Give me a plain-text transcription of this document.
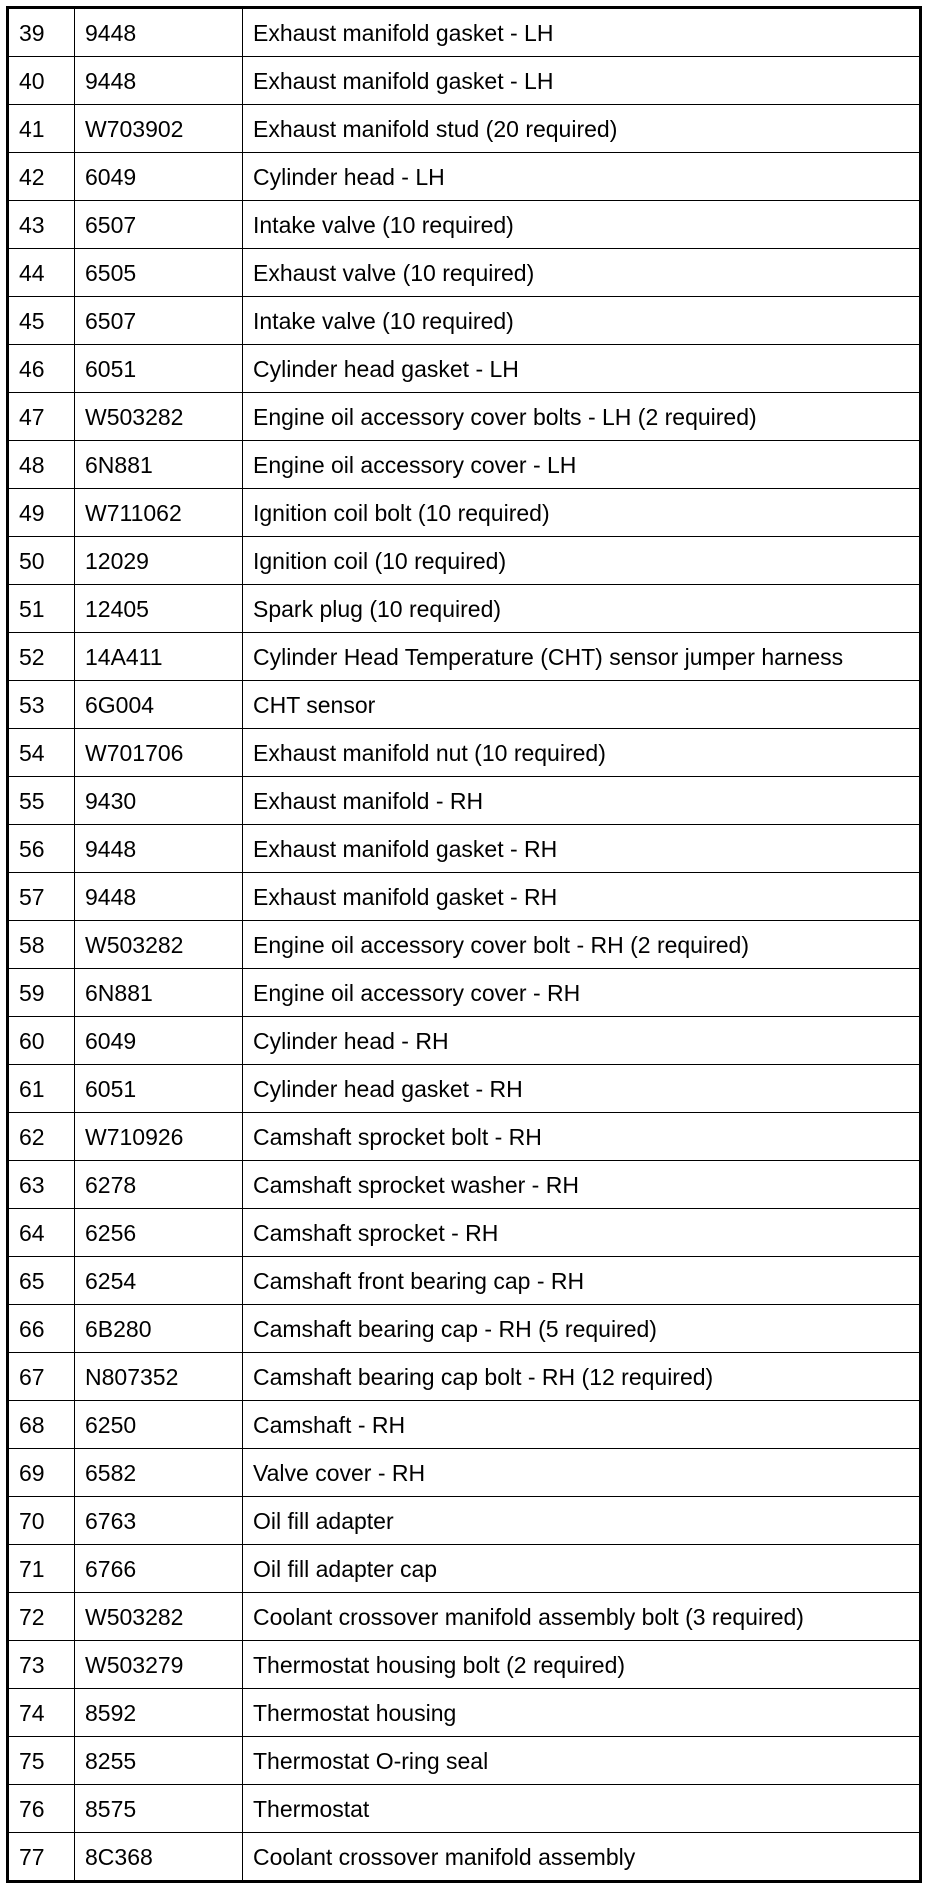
39	9448	Exhaust manifold gasket - LH
40	9448	Exhaust manifold gasket - LH
41	W703902	Exhaust manifold stud (20 required)
42	6049	Cylinder head - LH
43	6507	Intake valve (10 required)
44	6505	Exhaust valve (10 required)
45	6507	Intake valve (10 required)
46	6051	Cylinder head gasket - LH
47	W503282	Engine oil accessory cover bolts - LH (2 required)
48	6N881	Engine oil accessory cover - LH
49	W711062	Ignition coil bolt (10 required)
50	12029	Ignition coil (10 required)
51	12405	Spark plug (10 required)
52	14A411	Cylinder Head Temperature (CHT) sensor jumper harness
53	6G004	CHT sensor
54	W701706	Exhaust manifold nut (10 required)
55	9430	Exhaust manifold - RH
56	9448	Exhaust manifold gasket - RH
57	9448	Exhaust manifold gasket - RH
58	W503282	Engine oil accessory cover bolt - RH (2 required)
59	6N881	Engine oil accessory cover - RH
60	6049	Cylinder head - RH
61	6051	Cylinder head gasket - RH
62	W710926	Camshaft sprocket bolt - RH
63	6278	Camshaft sprocket washer - RH
64	6256	Camshaft sprocket - RH
65	6254	Camshaft front bearing cap - RH
66	6B280	Camshaft bearing cap - RH (5 required)
67	N807352	Camshaft bearing cap bolt - RH (12 required)
68	6250	Camshaft - RH
69	6582	Valve cover - RH
70	6763	Oil fill adapter
71	6766	Oil fill adapter cap
72	W503282	Coolant crossover manifold assembly bolt (3 required)
73	W503279	Thermostat housing bolt (2 required)
74	8592	Thermostat housing
75	8255	Thermostat O-ring seal
76	8575	Thermostat
77	8C368	Coolant crossover manifold assembly
